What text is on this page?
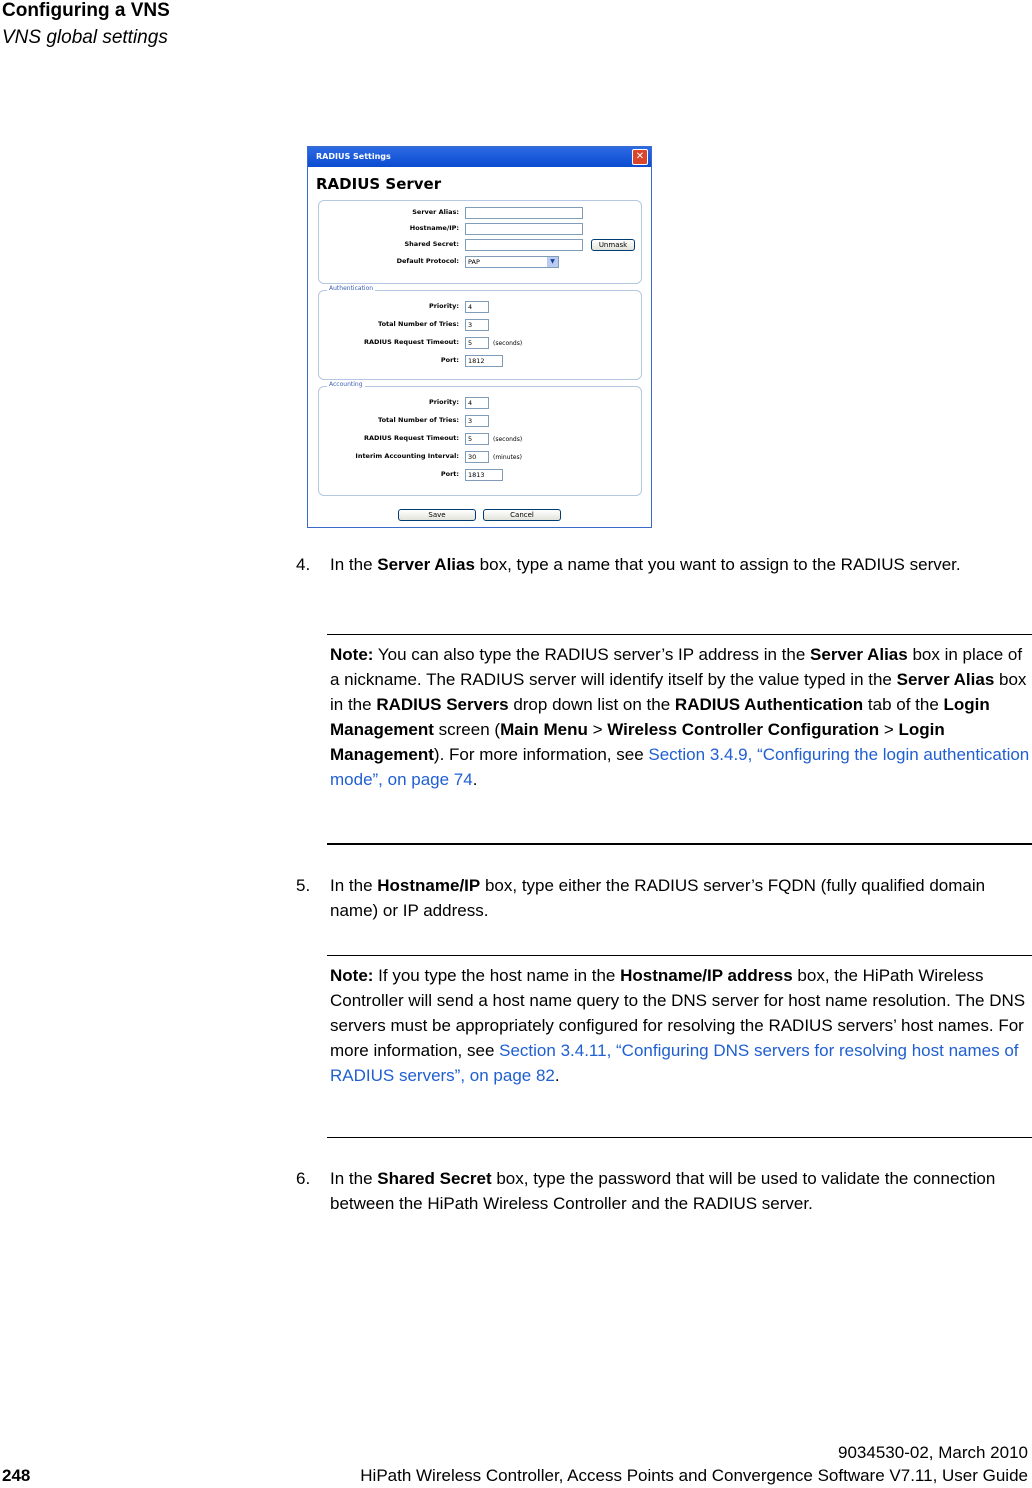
Configuring a VNS
VNS global settings
RADIUS Settings	✕
RADIUS Server
Server Alias:
Hostname/IP:
Shared Secret:	Unmask
Default Protocol:	PAP	▼
Authentication
Priority:	4
Total Number of Tries:	3
RADIUS Request Timeout:	5	(seconds)
Port:	1812
Accounting
Priority:	4
Total Number of Tries:	3
RADIUS Request Timeout:	5	(seconds)
Interim Accounting Interval:	30	(minutes)
Port:	1813
Save	Cancel
4. In the Server Alias box, type a name that you want to assign to the RADIUS server.
Note: You can also type the RADIUS server’s IP address in the Server Alias box in place of a nickname. The RADIUS server will identify itself by the value typed in the Server Alias box in the RADIUS Servers drop down list on the RADIUS Authentication tab of the Login Management screen (Main Menu > Wireless Controller Configuration > Login Management). For more information, see Section 3.4.9, “Configuring the login authentication mode”, on page 74.
5. In the Hostname/IP box, type either the RADIUS server’s FQDN (fully qualified domain name) or IP address.
Note: If you type the host name in the Hostname/IP address box, the HiPath Wireless Controller will send a host name query to the DNS server for host name resolution. The DNS servers must be appropriately configured for resolving the RADIUS servers’ host names. For more information, see Section 3.4.11, “Configuring DNS servers for resolving host names of RADIUS servers”, on page 82.
6. In the Shared Secret box, type the password that will be used to validate the connection between the HiPath Wireless Controller and the RADIUS server.
9034530-02, March 2010
248	HiPath Wireless Controller, Access Points and Convergence Software V7.11, User Guide
